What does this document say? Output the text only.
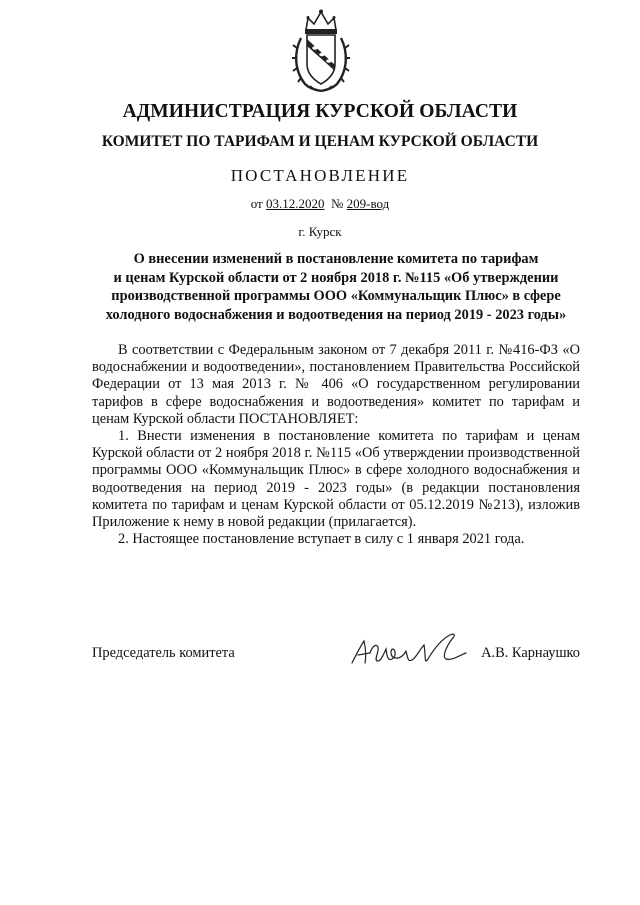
АДМИНИСТРАЦИЯ КУРСКОЙ ОБЛАСТИ
КОМИТЕТ ПО ТАРИФАМ И ЦЕНАМ КУРСКОЙ ОБЛАСТИ
ПОСТАНОВЛЕНИЕ
от 03.12.2020 № 209-вод
г. Курск
О внесении изменений в постановление комитета по тарифам
и ценам Курской области от 2 ноября 2018 г. №115 «Об утверждении
производственной программы ООО «Коммунальщик Плюс» в сфере
холодного водоснабжения и водоотведения на период 2019 - 2023 годы»

В соответствии с Федеральным законом от 7 декабря 2011 г. №416-ФЗ «О водоснабжении и водоотведении», постановлением Правительства Российской Федерации от 13 мая 2013 г. № 406 «О государственном регулировании тарифов в сфере водоснабжения и водоотведения» комитет по тарифам и ценам Курской области ПОСТАНОВЛЯЕТ:

1. Внести изменения в постановление комитета по тарифам и ценам Курской области от 2 ноября 2018 г. №115 «Об утверждении производственной программы ООО «Коммунальщик Плюс» в сфере холодного водоснабжения и водоотведения на период 2019 - 2023 годы» (в редакции постановления комитета по тарифам и ценам Курской области от 05.12.2019 №213), изложив Приложение к нему в новой редакции (прилагается).

2. Настоящее постановление вступает в силу с 1 января 2021 года.

Председатель комитета	А.В. Карнаушко
